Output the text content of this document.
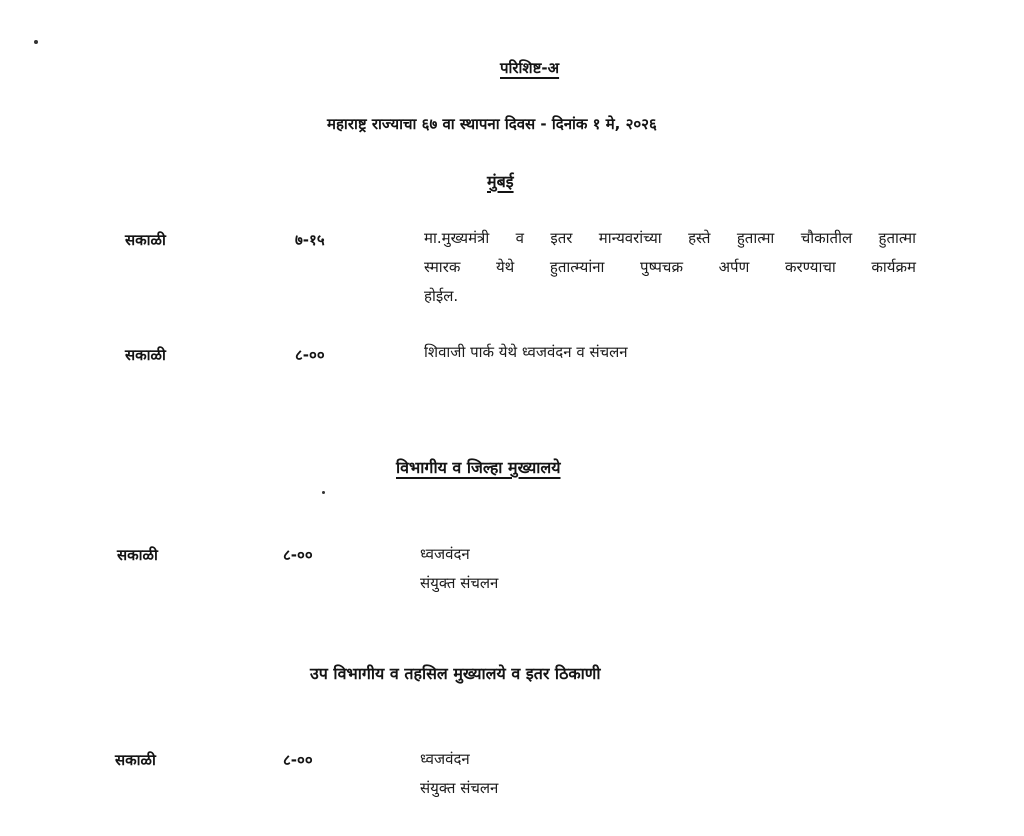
परिशिष्ट-अ
महाराष्ट्र राज्याचा ६७ वा स्थापना दिवस - दिनांक १ मे, २०२६
मुंबई
सकाळी	७-१५	मा.मुख्यमंत्री व इतर मान्यवरांच्या हस्ते हुतात्मा चौकातील हुतात्मा
स्मारक येथे हुतात्म्यांना पुष्पचक्र अर्पण करण्याचा कार्यक्रम
होईल.
सकाळी	८-००	शिवाजी पार्क येथे ध्वजवंदन व संचलन
विभागीय व जिल्हा मुख्यालये
सकाळी	८-००	ध्वजवंदन
संयुक्त संचलन
उप विभागीय व तहसिल मुख्यालये व इतर ठिकाणी
सकाळी	८-००	ध्वजवंदन
संयुक्त संचलन
